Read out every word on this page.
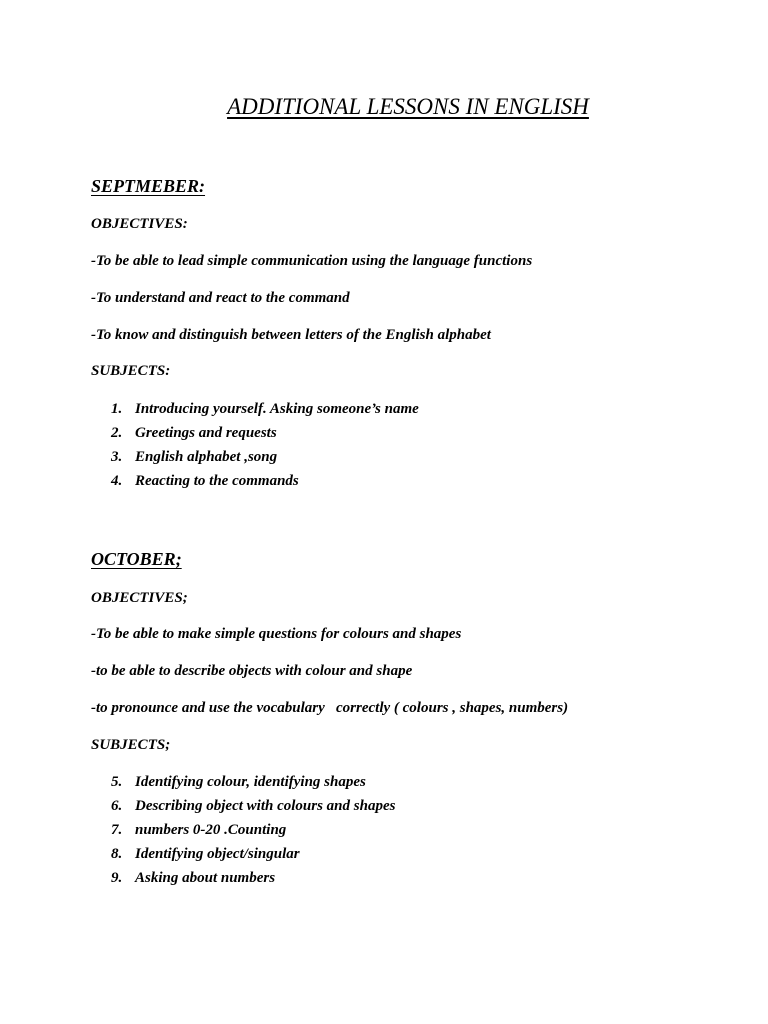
ADDITIONAL LESSONS IN ENGLISH
SEPTMEBER:
OBJECTIVES:
-To be able to lead simple communication using the language functions
-To understand and react to the command
-To know and distinguish between letters of the English alphabet
SUBJECTS:
1. Introducing yourself. Asking someone’s name
2. Greetings and requests
3. English alphabet ,song
4. Reacting to the commands
OCTOBER;
OBJECTIVES;
-To be able to make simple questions for colours and shapes
-to be able to describe objects with colour and shape
-to pronounce and use the vocabulary   correctly ( colours , shapes, numbers)
SUBJECTS;
5. Identifying colour, identifying shapes
6. Describing object with colours and shapes
7. numbers 0-20 .Counting
8. Identifying object/singular
9. Asking about numbers
